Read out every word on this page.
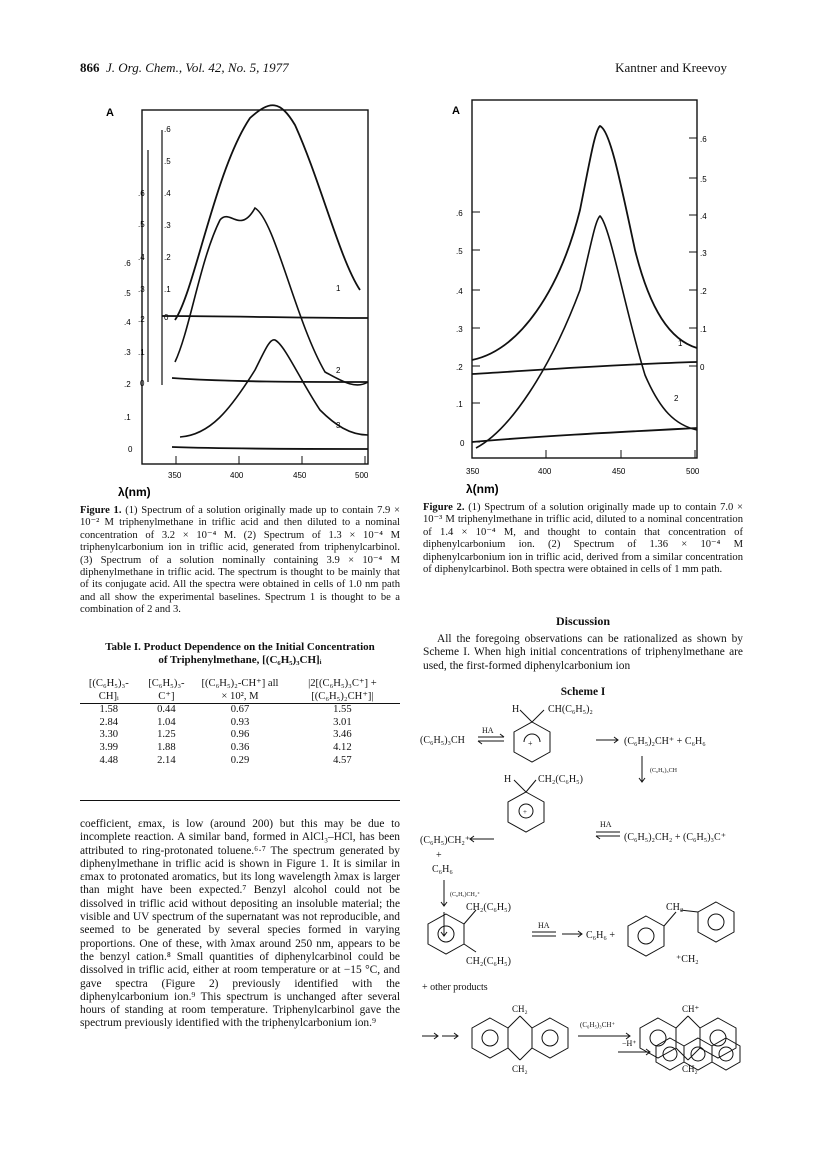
866 J. Org. Chem., Vol. 42, No. 5, 1977	Kantner and Kreevoy
A
350	400	450	500
.6
.5
.4
.3
.2
.1
0
.6
.5
.4
.3
.2
.1
0
.6
.5
.4
.3
.2
.1
0
1
2
3
λ(nm)
Figure 1. (1) Spectrum of a solution originally made up to contain 7.9 × 10⁻² M triphenylmethane in triflic acid and then diluted to a nominal concentration of 3.2 × 10⁻⁴ M. (2) Spectrum of 1.3 × 10⁻⁴ M triphenylcarbonium ion in triflic acid, generated from triphenylcarbinol. (3) Spectrum of a solution nominally containing 3.9 × 10⁻⁴ M diphenylmethane in triflic acid. The spectrum is thought to be mainly that of its conjugate acid. All the spectra were obtained in cells of 1.0 nm path and all show the experimental baselines. Spectrum 1 is thought to be a combination of 2 and 3.
Table I. Product Dependence on the Initial Concentration
of Triphenylmethane, [(C₆H₅)₃CH]ᵢ
[(C₆H₅)₃-CH]ᵢ	[C₆H₅)₃-C⁺]	[(C₆H₅)₂-CH⁺] all × 10², M	|2[(C₆H₅)₃C⁺] + [(C₆H₅)₂CH⁺]|
1.58	0.44	0.67	1.55
2.84	1.04	0.93	3.01
3.30	1.25	0.96	3.46
3.99	1.88	0.36	4.12
4.48	2.14	0.29	4.57
coefficient, εmax, is low (around 200) but this may be due to incomplete reaction. A similar band, formed in AlCl₃–HCl, has been attributed to ring-protonated toluene.⁶·⁷ The spectrum generated by diphenylmethane in triflic acid is shown in Figure 1. It is similar in εmax to protonated aromatics, but its long wavelength λmax is larger than might have been expected.⁷ Benzyl alcohol could not be dissolved in triflic acid without depositing an insoluble material; the visible and UV spectrum of the supernatant was not reproducible, and seemed to be generated by several species formed in varying proportions. One of these, with λmax around 250 nm, appears to be the benzyl cation.⁸ Small quantities of diphenylcarbinol could be dissolved in triflic acid, either at room temperature or at −15 °C, and gave spectra (Figure 2) previously identified with the diphenylcarbonium ion.⁹ This spectrum is unchanged after several hours of standing at room temperature. Triphenylcarbinol gave the spectrum previously identified with the triphenylcarbonium ion.⁹
A
350	400	450	500
.6
.5
.4
.3
.2
.1
0
.6
.5
.4
.3
.2
.1
0
1
2
λ(nm)
Figure 2. (1) Spectrum of a solution originally made up to contain 7.0 × 10⁻³ M triphenylmethane in triflic acid, diluted to a nominal concentration of 1.4 × 10⁻⁴ M, and thought to contain that concentration of diphenylcarbonium ion. (2) Spectrum of 1.36 × 10⁻⁴ M diphenylcarbonium ion in triflic acid, derived from a similar concentration of diphenylcarbinol. Both spectra were obtained in cells of 1 mm path.
Discussion
All the foregoing observations can be rationalized as shown by Scheme I. When high initial concentrations of triphenylmethane are used, the first-formed diphenylcarbonium ion
Scheme I
(C₆H₅)₃CH
HA
H	CH(C₆H₅)₂
+	(C₆H₅)₂CH⁺ + C₆H₆
(C₆H₅)₃CH
H	CH₂(C₆H₅)
+
(C₆H₅)CH₂⁺
HA
(C₆H₅)₂CH₂ + (C₆H₅)₃C⁺
+
C₆H₆
(C₆H₅)CH₂⁺
CH₂(C₆H₅)
CH₂(C₆H₅)
HA
C₆H₆ +
CH₂
⁺CH₂
+ other products
CH₂
CH₂
(C₆H₅)₃CH⁺
CH⁺
CH₂
−H⁺
